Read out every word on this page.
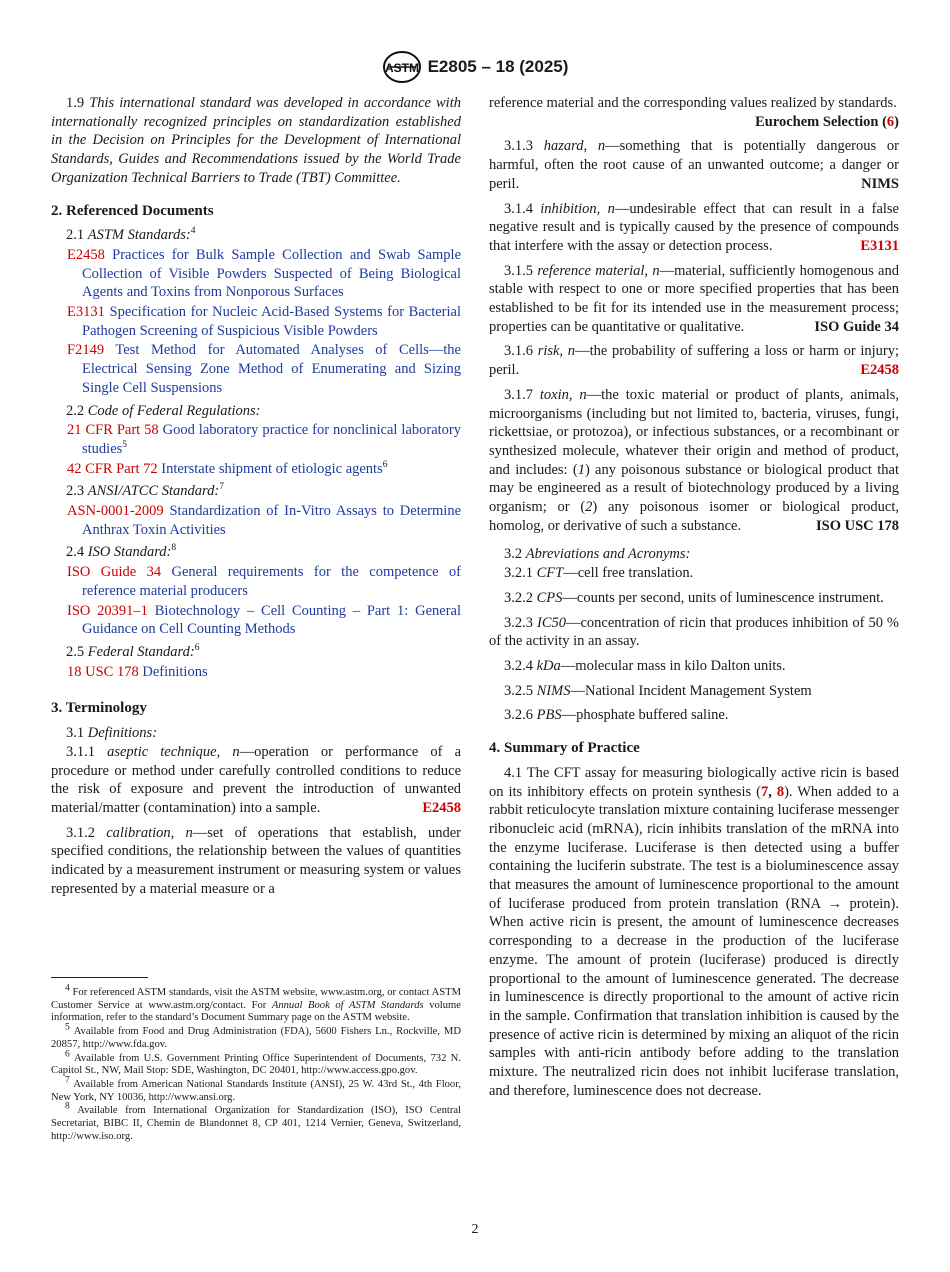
ASTM E2805 – 18 (2025)

1.9 This international standard was developed in accordance with internationally recognized principles on standardization established in the Decision on Principles for the Development of International Standards, Guides and Recommendations issued by the World Trade Organization Technical Barriers to Trade (TBT) Committee.

2. Referenced Documents

2.1 ASTM Standards:$^4$

E2458 Practices for Bulk Sample Collection and Swab Sample Collection of Visible Powders Suspected of Being Biological Agents and Toxins from Nonporous Surfaces

E3131 Specification for Nucleic Acid-Based Systems for Bacterial Pathogen Screening of Suspicious Visible Powders

F2149 Test Method for Automated Analyses of Cells—the Electrical Sensing Zone Method of Enumerating and Sizing Single Cell Suspensions

2.2 Code of Federal Regulations:

21 CFR Part 58 Good laboratory practice for nonclinical laboratory studies$^5$

42 CFR Part 72 Interstate shipment of etiologic agents$^6$

2.3 ANSI/ATCC Standard:$^7$

ASN-0001-2009 Standardization of In-Vitro Assays to Determine Anthrax Toxin Activities

2.4 ISO Standard:$^8$

ISO Guide 34 General requirements for the competence of reference material producers

ISO 20391–1 Biotechnology – Cell Counting – Part 1: General Guidance on Cell Counting Methods

2.5 Federal Standard:$^6$

18 USC 178 Definitions

3. Terminology

3.1 Definitions:

3.1.1 aseptic technique, n—operation or performance of a procedure or method under carefully controlled conditions to reduce the risk of exposure and prevent the introduction of unwanted material/matter (contamination) into a sample.	E2458

3.1.2 calibration, n—set of operations that establish, under specified conditions, the relationship between the values of quantities indicated by a measurement instrument or measuring system or values represented by a material measure or a

reference material and the corresponding values realized by standards.
Eurochem Selection (6)

3.1.3 hazard, n—something that is potentially dangerous or harmful, often the root cause of an unwanted outcome; a danger or peril.	NIMS

3.1.4 inhibition, n—undesirable effect that can result in a false negative result and is typically caused by the presence of compounds that interfere with the assay or detection process.	E3131

3.1.5 reference material, n—material, sufficiently homogenous and stable with respect to one or more specified properties that has been established to be fit for its intended use in the measurement process; properties can be quantitative or qualitative.	ISO Guide 34

3.1.6 risk, n—the probability of suffering a loss or harm or injury; peril.	E2458

3.1.7 toxin, n—the toxic material or product of plants, animals, microorganisms (including but not limited to, bacteria, viruses, fungi, rickettsiae, or protozoa), or infectious substances, or a recombinant or synthesized molecule, whatever their origin and method of product, and includes: (1) any poisonous substance or biological product that may be engineered as a result of biotechnology produced by a living organism; or (2) any poisonous isomer or biological product, homolog, or derivative of such a substance.	ISO USC 178

3.2 Abreviations and Acronyms:

3.2.1 CFT—cell free translation.

3.2.2 CPS—counts per second, units of luminescence instrument.

3.2.3 IC50—concentration of ricin that produces inhibition of 50 % of the activity in an assay.

3.2.4 kDa—molecular mass in kilo Dalton units.

3.2.5 NIMS—National Incident Management System

3.2.6 PBS—phosphate buffered saline.

4. Summary of Practice

4.1 The CFT assay for measuring biologically active ricin is based on its inhibitory effects on protein synthesis (7, 8). When added to a rabbit reticulocyte translation mixture containing luciferase messenger ribonucleic acid (mRNA), ricin inhibits translation of the mRNA into the enzyme luciferase. Luciferase is then detected using a buffer containing the luciferin substrate. The test is a bioluminescence assay that measures the amount of luminescence proportional to the amount of luciferase produced from protein translation (RNA → protein). When active ricin is present, the amount of luminescence decreases corresponding to a decrease in the production of the luciferase enzyme. The amount of protein (luciferase) produced is directly proportional to the amount of luminescence generated. The decrease in luminescence is directly proportional to the amount of active ricin in the sample. Confirmation that translation inhibition is caused by the presence of active ricin is determined by mixing an aliquot of the ricin samples with anti-ricin antibody before adding to the translation mixture. The neutralized ricin does not inhibit luciferase translation, and therefore, luminescence does not decrease.

$^4$ For referenced ASTM standards, visit the ASTM website, www.astm.org, or contact ASTM Customer Service at www.astm.org/contact. For Annual Book of ASTM Standards volume information, refer to the standard’s Document Summary page on the ASTM website.

$^5$ Available from Food and Drug Administration (FDA), 5600 Fishers Ln., Rockville, MD 20857, http://www.fda.gov.

$^6$ Available from U.S. Government Printing Office Superintendent of Documents, 732 N. Capitol St., NW, Mail Stop: SDE, Washington, DC 20401, http://www.access.gpo.gov.

$^7$ Available from American National Standards Institute (ANSI), 25 W. 43rd St., 4th Floor, New York, NY 10036, http://www.ansi.org.

$^8$ Available from International Organization for Standardization (ISO), ISO Central Secretariat, BIBC II, Chemin de Blandonnet 8, CP 401, 1214 Vernier, Geneva, Switzerland, http://www.iso.org.

2
